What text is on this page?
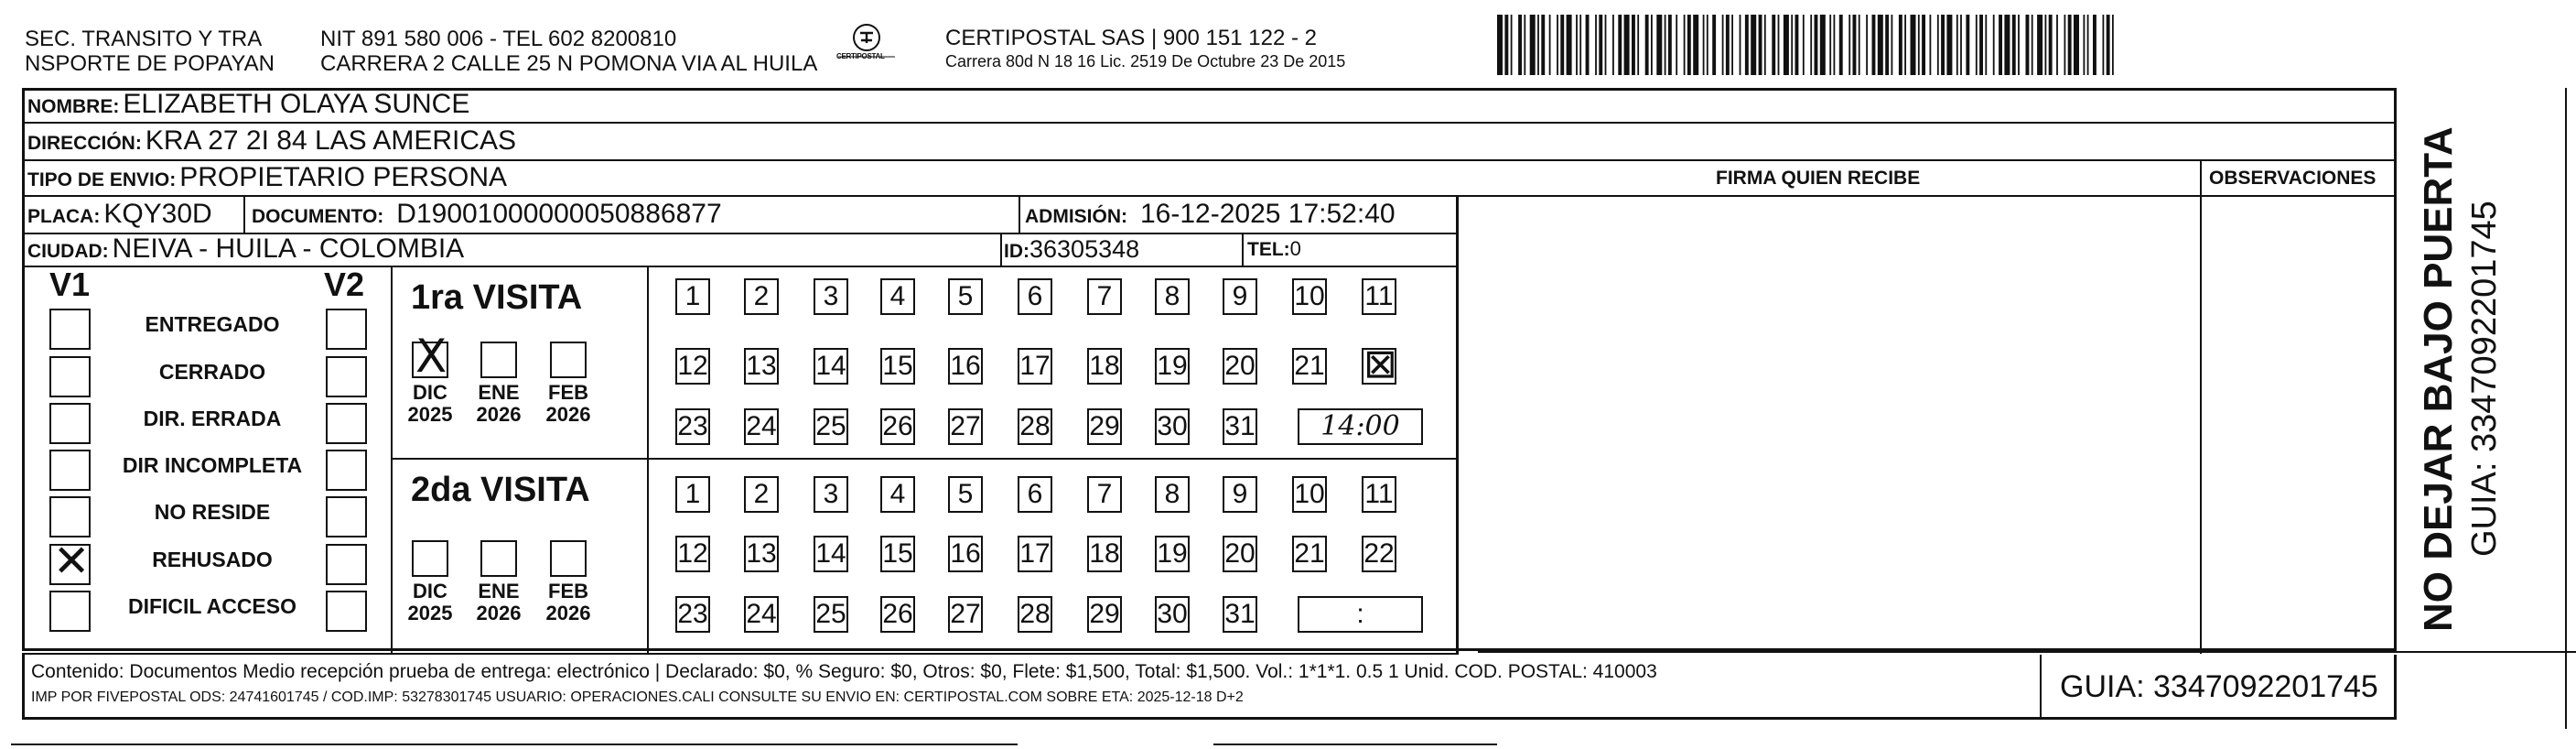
SEC. TRANSITO Y TRA
NSPORTE DE POPAYAN
NIT 891 580 006 - TEL 602 8200810
CARRERA 2 CALLE 25 N POMONA VIA AL HUILA	CERTIPOSTAL
CERTIPOSTAL SAS | 900 151 122 - 2
Carrera 80d N 18 16 Lic. 2519 De Octubre 23 De 2015
NOMBRE: ELIZABETH OLAYA SUNCE
DIRECCIÓN: KRA 27 2I 84 LAS AMERICAS
TIPO DE ENVIO: PROPIETARIO PERSONA	FIRMA QUIEN RECIBE	OBSERVACIONES
PLACA: KQY30D DOCUMENTO: D19001000000050886877	ADMISIÓN: 16-12-2025 17:52:40
CIUDAD: NEIVA - HUILA - COLOMBIA	ID:36305348	TEL:0
V1	V2
ENTREGADO
CERRADO
DIR. ERRADA
DIR INCOMPLETA
NO RESIDE
✕	REHUSADO
DIFICIL ACCESO
1ra VISITA
Ⅹ
DIC
2025
ENE
2026
FEB
2026
1	2	3	4	5	6	7	8	9	10 11
12 13 14 15 16 17 18 19 20 21 ⊠
23 24 25 26 27 28 29 30 31	14:00
2da VISITA
DIC
2025
ENE
2026
FEB
2026
1	2	3	4	5	6	7	8	9	10 11
12 13 14 15 16 17 18 19 20 21 22
23 24 25 26 27 28 29 30 31	:
Contenido: Documentos Medio recepción prueba de entrega: electrónico | Declarado: $0, % Seguro: $0, Otros: $0, Flete: $1,500, Total: $1,500. Vol.: 1*1*1. 0.5 1 Unid. COD. POSTAL: 410003
IMP POR FIVEPOSTAL ODS: 24741601745 / COD.IMP: 53278301745 USUARIO: OPERACIONES.CALI CONSULTE SU ENVIO EN: CERTIPOSTAL.COM SOBRE ETA: 2025-12-18 D+2	GUIA: 3347092201745
NO DEJAR BAJO PUERTA GUIA: 3347092201745
